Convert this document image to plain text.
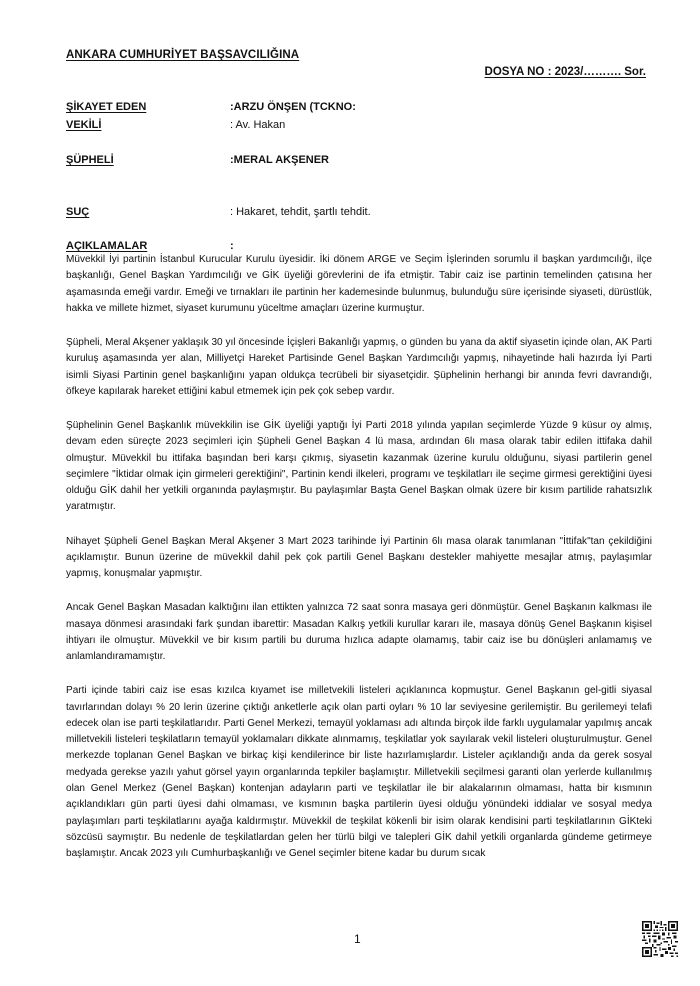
ANKARA CUMHURİYET BAŞSAVCILIĞINA
DOSYA NO : 2023/………. Sor.
ŞİKAYET EDEN	:ARZU ÖNŞEN (TCKNO:
VEKİLİ	: Av. Hakan
ŞÜPHELİ	:MERAL AKŞENER
SUÇ	: Hakaret, tehdit, şartlı tehdit.
AÇIKLAMALAR	:

Müvekkil İyi partinin İstanbul Kurucular Kurulu üyesidir. İki dönem ARGE ve Seçim İşlerinden sorumlu il başkan yardımcılığı, ilçe başkanlığı, Genel Başkan Yardımcılığı ve GİK üyeliği görevlerini de ifa etmiştir. Tabir caiz ise partinin temelinden çatısına her aşamasında emeği vardır. Emeği ve tırnakları ile partinin her kademesinde bulunmuş, bulunduğu süre içerisinde siyaseti, dürüstlük, hakka ve millete hizmet, siyaset kurumunu yüceltme amaçları üzerine kurmuştur.

Şüpheli, Meral Akşener yaklaşık 30 yıl öncesinde İçişleri Bakanlığı yapmış, o günden bu yana da aktif siyasetin içinde olan, AK Parti kuruluş aşamasında yer alan, Milliyetçi Hareket Partisinde Genel Başkan Yardımcılığı yapmış, nihayetinde hali hazırda İyi Parti isimli Siyasi Partinin genel başkanlığını yapan oldukça tecrübeli bir siyasetçidir. Şüphelinin herhangi bir anında fevri davrandığı, öfkeye kapılarak hareket ettiğini kabul etmemek için pek çok sebep vardır.

Şüphelinin Genel Başkanlık müvekkilin ise GİK üyeliği yaptığı İyi Parti 2018 yılında yapılan seçimlerde Yüzde 9 küsur oy almış, devam eden süreçte 2023 seçimleri için Şüpheli Genel Başkan 4 lü masa, ardından 6lı masa olarak tabir edilen ittifaka dahil olmuştur. Müvekkil bu ittifaka başından beri karşı çıkmış, siyasetin kazanmak üzerine kurulu olduğunu, siyasi partilerin genel seçimlere "İktidar olmak için girmeleri gerektiğini", Partinin kendi ilkeleri, programı ve teşkilatları ile seçime girmesi gerektiğini üyesi olduğu GİK dahil her yetkili organında paylaşmıştır. Bu paylaşımlar Başta Genel Başkan olmak üzere bir kısım partilide rahatsızlık yaratmıştır.

Nihayet Şüpheli Genel Başkan Meral Akşener 3 Mart 2023 tarihinde İyi Partinin 6lı masa olarak tanımlanan "İttifak"tan çekildiğini açıklamıştır. Bunun üzerine de müvekkil dahil pek çok partili Genel Başkanı destekler mahiyette mesajlar atmış, paylaşımlar yapmış, konuşmalar yapmıştır.

Ancak Genel Başkan Masadan kalktığını ilan ettikten yalnızca 72 saat sonra masaya geri dönmüştür. Genel Başkanın kalkması ile masaya dönmesi arasındaki fark şundan ibarettir: Masadan Kalkış yetkili kurullar kararı ile, masaya dönüş Genel Başkanın kişisel ihtiyarı ile olmuştur. Müvekkil ve bir kısım partili bu duruma hızlıca adapte olamamış, tabir caiz ise bu dönüşleri anlamamış ve anlamlandıramamıştır.

Parti içinde tabiri caiz ise esas kızılca kıyamet ise milletvekili listeleri açıklanınca kopmuştur. Genel Başkanın gel-gitli siyasal tavırlarından dolayı % 20 lerin üzerine çıktığı anketlerle açık olan parti oyları % 10 lar seviyesine gerilemiştir. Bu gerilemeyi telafi edecek olan ise parti teşkilatlarıdır. Parti Genel Merkezi, temayül yoklaması adı altında birçok ilde farklı uygulamalar yapılmış ancak milletvekili listeleri teşkilatların temayül yoklamaları dikkate alınmamış, teşkilatlar yok sayılarak vekil listeleri oluşturulmuştur. Genel merkezde toplanan Genel Başkan ve birkaç kişi kendilerince bir liste hazırlamışlardır. Listeler açıklandığı anda da gerek sosyal medyada gerekse yazılı yahut görsel yayın organlarında tepkiler başlamıştır. Milletvekili seçilmesi garanti olan yerlerde kullanılmış olan Genel Merkez (Genel Başkan) kontenjan adayların parti ve teşkilatlar ile bir alakalarının olmaması, hatta bir kısmının açıklandıkları gün parti üyesi dahi olmaması, ve kısmının başka partilerin üyesi olduğu yönündeki iddialar ve sosyal medya paylaşımları parti teşkilatlarını ayağa kaldırmıştır. Müvekkil de teşkilat kökenli bir isim olarak kendisini parti teşkilatlarının GİKteki sözcüsü saymıştır. Bu nedenle de teşkilatlardan gelen her türlü bilgi ve talepleri GİK dahil yetkili organlarda gündeme getirmeye başlamıştır. Ancak 2023 yılı Cumhurbaşkanlığı ve Genel seçimler bitene kadar bu durum sıcak

1
